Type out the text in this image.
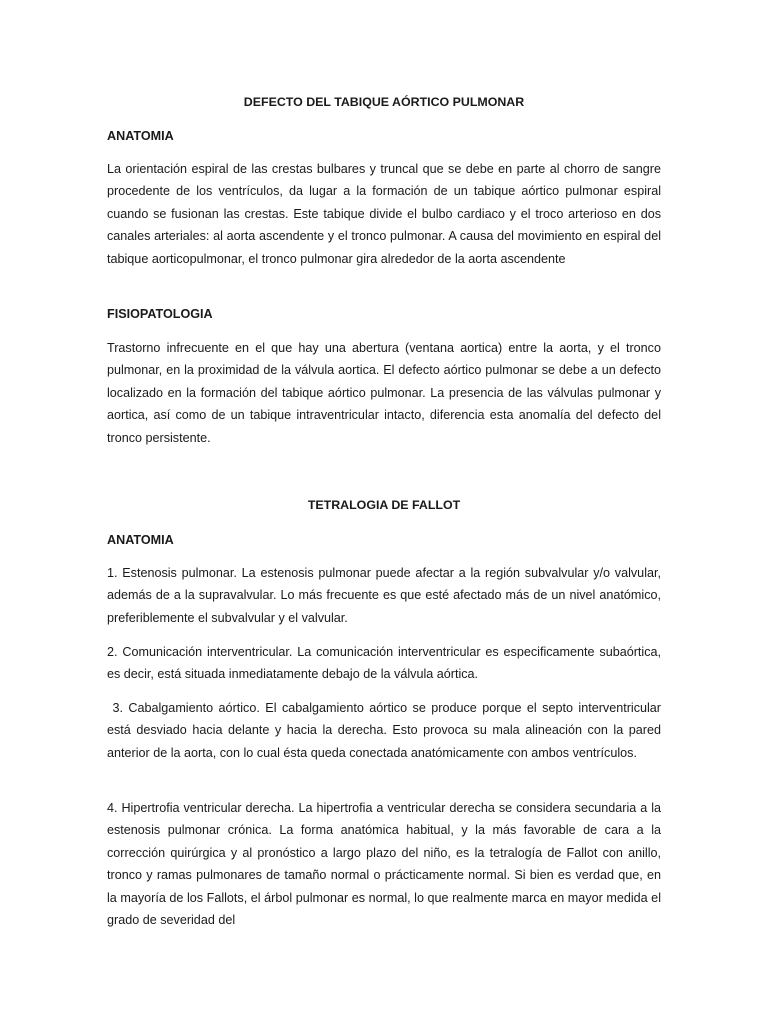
DEFECTO DEL TABIQUE AÓRTICO PULMONAR
ANATOMIA

La orientación espiral de las crestas bulbares y truncal que se debe en parte al chorro de sangre procedente de los ventrículos, da lugar a la formación de un tabique aórtico pulmonar espiral cuando se fusionan las crestas. Este tabique divide el bulbo cardiaco y el troco arterioso en dos canales arteriales: al aorta ascendente y el tronco pulmonar. A causa del movimiento en espiral del tabique aorticopulmonar, el tronco pulmonar gira alrededor de la aorta ascendente

FISIOPATOLOGIA

Trastorno infrecuente en el que hay una abertura (ventana aortica) entre la aorta, y el tronco pulmonar, en la proximidad de la válvula aortica. El defecto aórtico pulmonar se debe a un defecto localizado en la formación del tabique aórtico pulmonar. La presencia de las válvulas pulmonar y aortica, así como de un tabique intraventricular intacto, diferencia esta anomalía del defecto del tronco persistente.

TETRALOGIA DE FALLOT
ANATOMIA

1. Estenosis pulmonar. La estenosis pulmonar puede afectar a la región subvalvular y/o valvular, además de a la supravalvular. Lo más frecuente es que esté afectado más de un nivel anatómico, preferiblemente el subvalvular y el valvular.

2. Comunicación interventricular. La comunicación interventricular es especificamente subaórtica, es decir, está situada inmediatamente debajo de la válvula aórtica.

3. Cabalgamiento aórtico. El cabalgamiento aórtico se produce porque el septo interventricular está desviado hacia delante y hacia la derecha. Esto provoca su mala alineación con la pared anterior de la aorta, con lo cual ésta queda conectada anatómicamente con ambos ventrículos.

4. Hipertrofia ventricular derecha. La hipertrofia a ventricular derecha se considera secundaria a la estenosis pulmonar crónica. La forma anatómica habitual, y la más favorable de cara a la corrección quirúrgica y al pronóstico a largo plazo del niño, es la tetralogía de Fallot con anillo, tronco y ramas pulmonares de tamaño normal o prácticamente normal. Si bien es verdad que, en la mayoría de los Fallots, el árbol pulmonar es normal, lo que realmente marca en mayor medida el grado de severidad del
